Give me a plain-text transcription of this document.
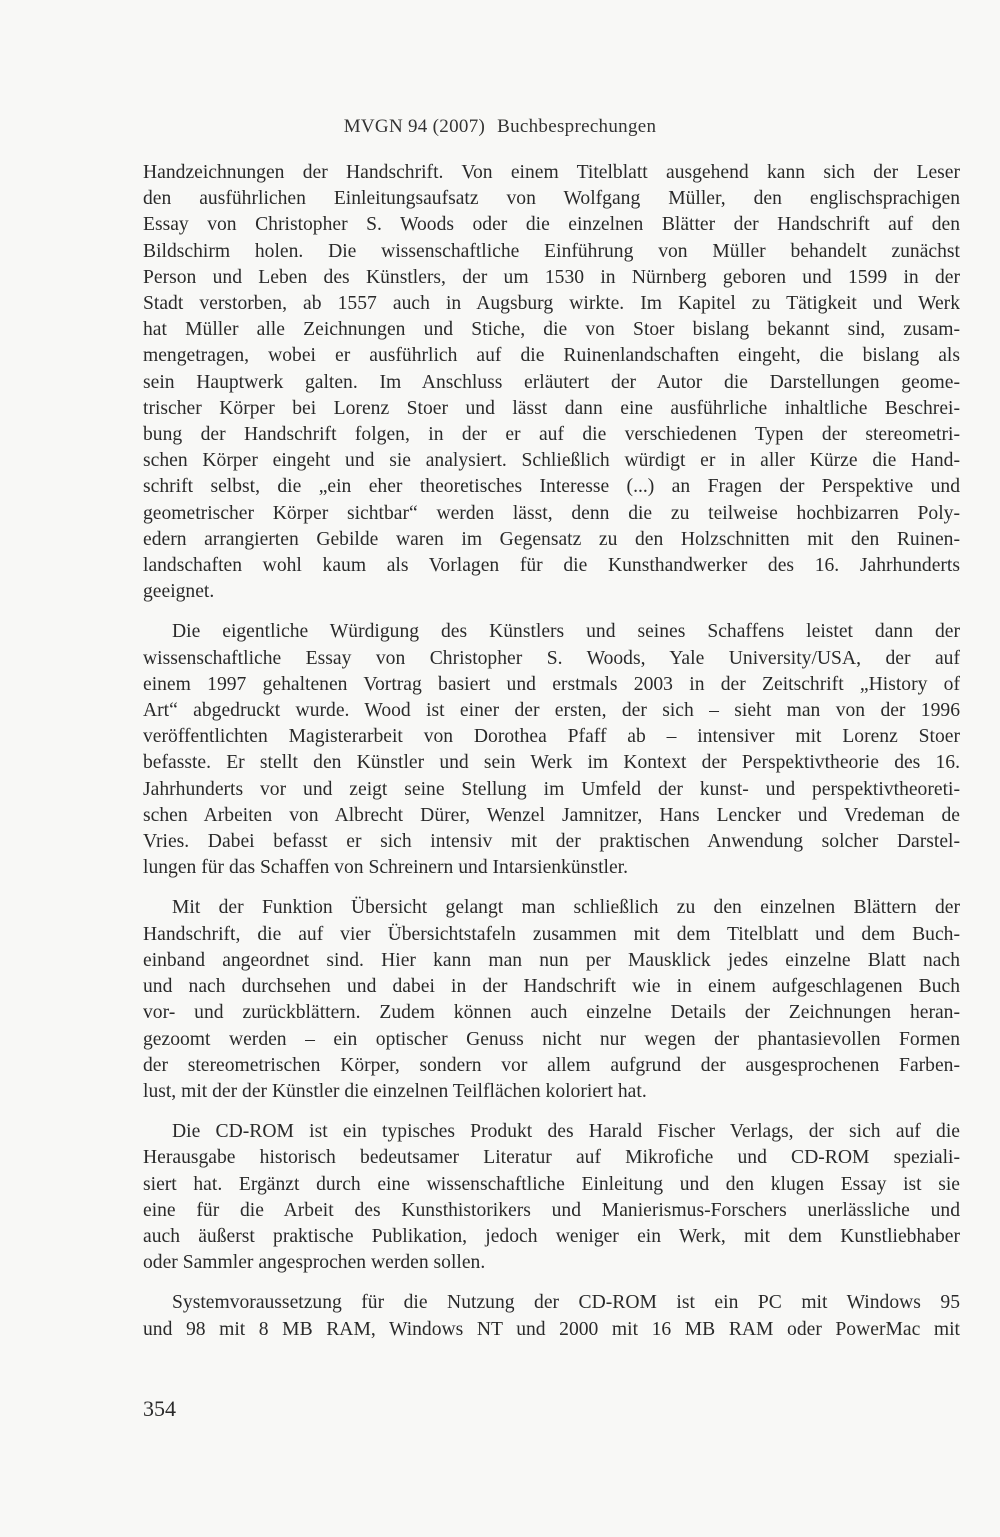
MVGN 94 (2007) Buchbesprechungen
Handzeichnungen der Handschrift. Von einem Titelblatt ausgehend kann sich der Leser
den ausführlichen Einleitungsaufsatz von Wolfgang Müller, den englischsprachigen
Essay von Christopher S. Woods oder die einzelnen Blätter der Handschrift auf den
Bildschirm holen. Die wissenschaftliche Einführung von Müller behandelt zunächst
Person und Leben des Künstlers, der um 1530 in Nürnberg geboren und 1599 in der
Stadt verstorben, ab 1557 auch in Augsburg wirkte. Im Kapitel zu Tätigkeit und Werk
hat Müller alle Zeichnungen und Stiche, die von Stoer bislang bekannt sind, zusam-
mengetragen, wobei er ausführlich auf die Ruinenlandschaften eingeht, die bislang als
sein Hauptwerk galten. Im Anschluss erläutert der Autor die Darstellungen geome-
trischer Körper bei Lorenz Stoer und lässt dann eine ausführliche inhaltliche Beschrei-
bung der Handschrift folgen, in der er auf die verschiedenen Typen der stereometri-
schen Körper eingeht und sie analysiert. Schließlich würdigt er in aller Kürze die Hand-
schrift selbst, die „ein eher theoretisches Interesse (...) an Fragen der Perspektive und
geometrischer Körper sichtbar“ werden lässt, denn die zu teilweise hochbizarren Poly-
edern arrangierten Gebilde waren im Gegensatz zu den Holzschnitten mit den Ruinen-
landschaften wohl kaum als Vorlagen für die Kunsthandwerker des 16. Jahrhunderts
geeignet.
Die eigentliche Würdigung des Künstlers und seines Schaffens leistet dann der
wissenschaftliche Essay von Christopher S. Woods, Yale University/USA, der auf
einem 1997 gehaltenen Vortrag basiert und erstmals 2003 in der Zeitschrift „History of
Art“ abgedruckt wurde. Wood ist einer der ersten, der sich – sieht man von der 1996
veröffentlichten Magisterarbeit von Dorothea Pfaff ab – intensiver mit Lorenz Stoer
befasste. Er stellt den Künstler und sein Werk im Kontext der Perspektivtheorie des 16.
Jahrhunderts vor und zeigt seine Stellung im Umfeld der kunst- und perspektivtheoreti-
schen Arbeiten von Albrecht Dürer, Wenzel Jamnitzer, Hans Lencker und Vredeman de
Vries. Dabei befasst er sich intensiv mit der praktischen Anwendung solcher Darstel-
lungen für das Schaffen von Schreinern und Intarsienkünstler.
Mit der Funktion Übersicht gelangt man schließlich zu den einzelnen Blättern der
Handschrift, die auf vier Übersichtstafeln zusammen mit dem Titelblatt und dem Buch-
einband angeordnet sind. Hier kann man nun per Mausklick jedes einzelne Blatt nach
und nach durchsehen und dabei in der Handschrift wie in einem aufgeschlagenen Buch
vor- und zurückblättern. Zudem können auch einzelne Details der Zeichnungen heran-
gezoomt werden – ein optischer Genuss nicht nur wegen der phantasievollen Formen
der stereometrischen Körper, sondern vor allem aufgrund der ausgesprochenen Farben-
lust, mit der der Künstler die einzelnen Teilflächen koloriert hat.
Die CD-ROM ist ein typisches Produkt des Harald Fischer Verlags, der sich auf die
Herausgabe historisch bedeutsamer Literatur auf Mikrofiche und CD-ROM speziali-
siert hat. Ergänzt durch eine wissenschaftliche Einleitung und den klugen Essay ist sie
eine für die Arbeit des Kunsthistorikers und Manierismus-Forschers unerlässliche und
auch äußerst praktische Publikation, jedoch weniger ein Werk, mit dem Kunstliebhaber
oder Sammler angesprochen werden sollen.
Systemvoraussetzung für die Nutzung der CD-ROM ist ein PC mit Windows 95
und 98 mit 8 MB RAM, Windows NT und 2000 mit 16 MB RAM oder PowerMac mit
354
